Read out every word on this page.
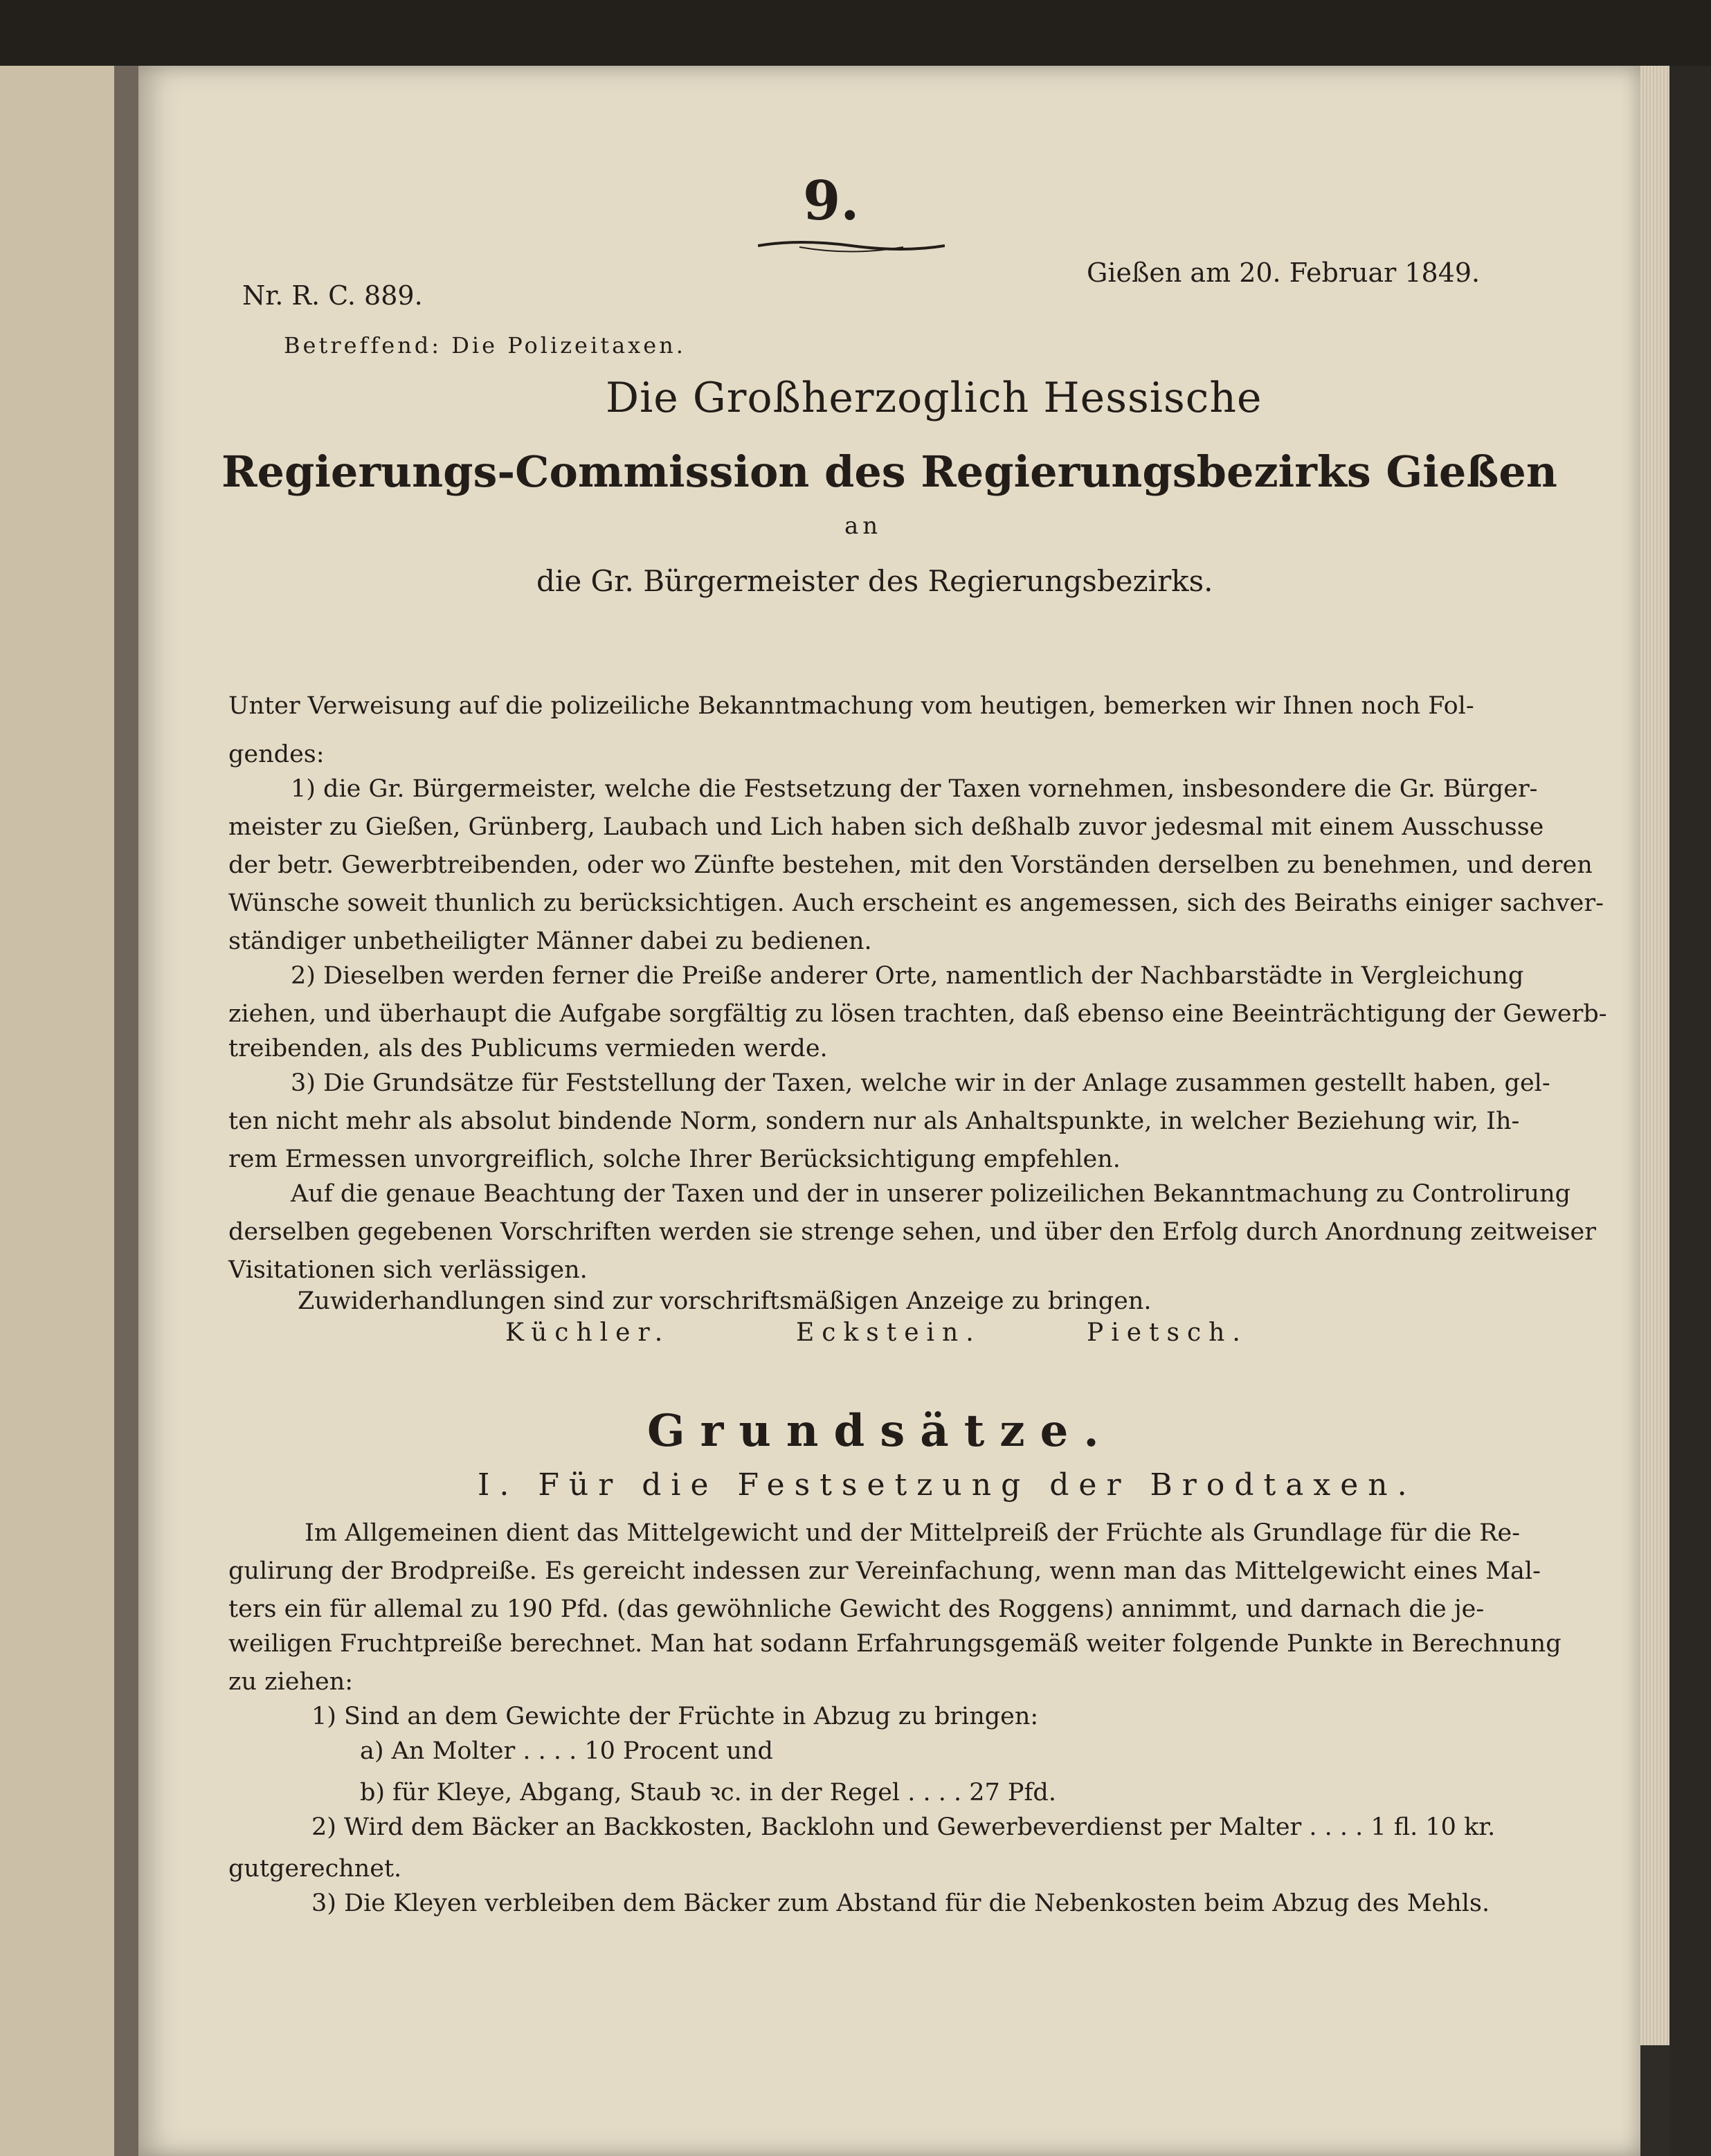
9.
Nr. R. C. 889.
Gießen am 20. Februar 1849.
Betreffend: Die Polizeitaxen.
Die Großherzoglich Hessische
Regierungs-Commission des Regierungsbezirks Gießen
an
die Gr. Bürgermeister des Regierungsbezirks.
Unter Verweisung auf die polizeiliche Bekanntmachung vom heutigen, bemerken wir Ihnen noch Fol-
gendes:
1) die Gr. Bürgermeister, welche die Festsetzung der Taxen vornehmen, insbesondere die Gr. Bürger-
meister zu Gießen, Grünberg, Laubach und Lich haben sich deßhalb zuvor jedesmal mit einem Ausschusse
der betr. Gewerbtreibenden, oder wo Zünfte bestehen, mit den Vorständen derselben zu benehmen, und deren
Wünsche soweit thunlich zu berücksichtigen. Auch erscheint es angemessen, sich des Beiraths einiger sachver-
ständiger unbetheiligter Männer dabei zu bedienen.
2) Dieselben werden ferner die Preiße anderer Orte, namentlich der Nachbarstädte in Vergleichung
ziehen, und überhaupt die Aufgabe sorgfältig zu lösen trachten, daß ebenso eine Beeinträchtigung der Gewerb-
treibenden, als des Publicums vermieden werde.
3) Die Grundsätze für Feststellung der Taxen, welche wir in der Anlage zusammen gestellt haben, gel-
ten nicht mehr als absolut bindende Norm, sondern nur als Anhaltspunkte, in welcher Beziehung wir, Ih-
rem Ermessen unvorgreiflich, solche Ihrer Berücksichtigung empfehlen.
Auf die genaue Beachtung der Taxen und der in unserer polizeilichen Bekanntmachung zu Controlirung
derselben gegebenen Vorschriften werden sie strenge sehen, und über den Erfolg durch Anordnung zeitweiser
Visitationen sich verlässigen.
Zuwiderhandlungen sind zur vorschriftsmäßigen Anzeige zu bringen.
Küchler.	Eckstein.	Pietsch.
Grundsätze.
I. Für die Festsetzung der Brodtaxen.
Im Allgemeinen dient das Mittelgewicht und der Mittelpreiß der Früchte als Grundlage für die Re-
gulirung der Brodpreiße. Es gereicht indessen zur Vereinfachung, wenn man das Mittelgewicht eines Mal-
ters ein für allemal zu 190 Pfd. (das gewöhnliche Gewicht des Roggens) annimmt, und darnach die je-
weiligen Fruchtpreiße berechnet. Man hat sodann Erfahrungsgemäß weiter folgende Punkte in Berechnung
zu ziehen:
1) Sind an dem Gewichte der Früchte in Abzug zu bringen:
a) An Molter . . . . 10 Procent und
b) für Kleye, Abgang, Staub ꝛc. in der Regel . . . . 27 Pfd.
2) Wird dem Bäcker an Backkosten, Backlohn und Gewerbeverdienst per Malter . . . . 1 fl. 10 kr.
gutgerechnet.
3) Die Kleyen verbleiben dem Bäcker zum Abstand für die Nebenkosten beim Abzug des Mehls.
